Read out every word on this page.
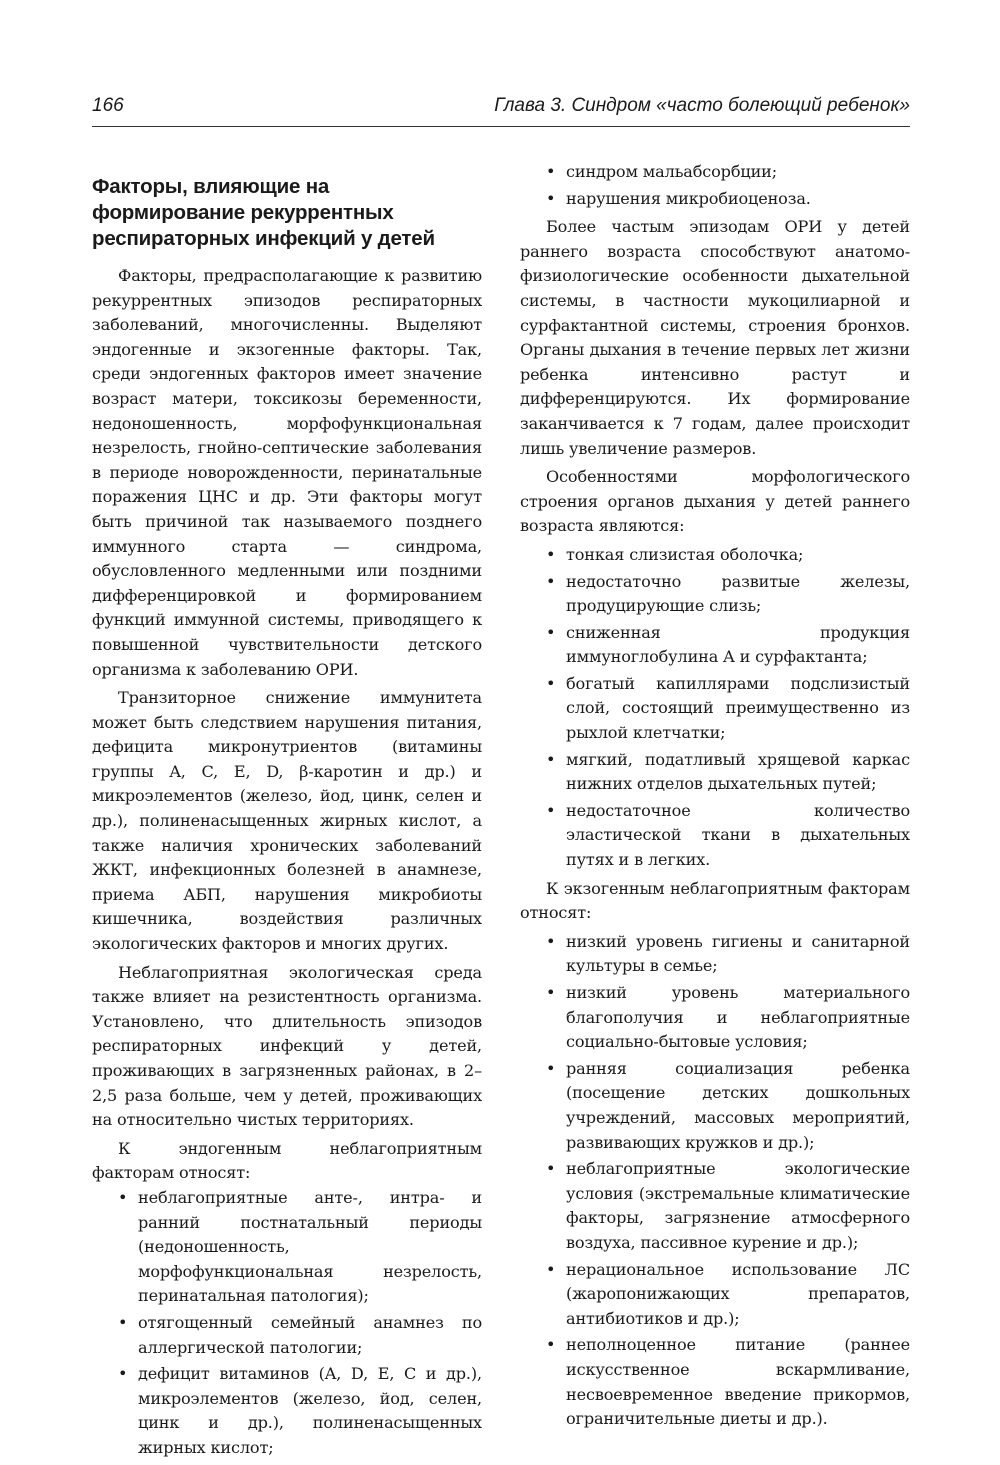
166	Глава 3. Синдром «часто болеющий ребенок»
Факторы, влияющие на формирование рекуррентных респираторных инфекций у детей

Факторы, предрасполагающие к развитию рекуррентных эпизодов респираторных заболеваний, многочисленны. Выделяют эндогенные и экзогенные факторы. Так, среди эндогенных факторов имеет значение возраст матери, токсикозы беременности, недоношенность, морфофункциональная незрелость, гнойно-септические заболевания в периоде новорожденности, перинатальные поражения ЦНС и др. Эти факторы могут быть причиной так называемого позднего иммунного старта — синдрома, обусловленного медленными или поздними дифференцировкой и формированием функций иммунной системы, приводящего к повышенной чувствительности детского организма к заболеванию ОРИ.

Транзиторное снижение иммунитета может быть следствием нарушения питания, дефицита микронутриентов (витамины группы A, C, E, D, β-каротин и др.) и микроэлементов (железо, йод, цинк, селен и др.), полиненасыщенных жирных кислот, а также наличия хронических заболеваний ЖКТ, инфекционных болезней в анамнезе, приема АБП, нарушения микробиоты кишечника, воздействия различных экологических факторов и многих других.

Неблагоприятная экологическая среда также влияет на резистентность организма. Установлено, что длительность эпизодов респираторных инфекций у детей, проживающих в загрязненных районах, в 2–2,5 раза больше, чем у детей, проживающих на относительно чистых территориях.

К эндогенным неблагоприятным факторам относят:

• неблагоприятные анте-, интра- и ранний постнатальный периоды (недоношенность, морфофункциональная незрелость, перинатальная патология);
• отягощенный семейный анамнез по аллергической патологии;
• дефицит витаминов (A, D, E, C и др.), микроэлементов (железо, йод, селен, цинк и др.), полиненасыщенных жирных кислот;
• синдром мальабсорбции;
• нарушения микробиоценоза.

Более частым эпизодам ОРИ у детей раннего возраста способствуют анатомо-физиологические особенности дыхательной системы, в частности мукоцилиарной и сурфактантной системы, строения бронхов. Органы дыхания в течение первых лет жизни ребенка интенсивно растут и дифференцируются. Их формирование заканчивается к 7 годам, далее происходит лишь увеличение размеров.

Особенностями морфологического строения органов дыхания у детей раннего возраста являются:

• тонкая слизистая оболочка;
• недостаточно развитые железы, продуцирующие слизь;
• сниженная продукция иммуноглобулина A и сурфактанта;
• богатый капиллярами подслизистый слой, состоящий преимущественно из рыхлой клетчатки;
• мягкий, податливый хрящевой каркас нижних отделов дыхательных путей;
• недостаточное количество эластической ткани в дыхательных путях и в легких.

К экзогенным неблагоприятным факторам относят:

• низкий уровень гигиены и санитарной культуры в семье;
• низкий уровень материального благополучия и неблагоприятные социально-бытовые условия;
• ранняя социализация ребенка (посещение детских дошкольных учреждений, массовых мероприятий, развивающих кружков и др.);
• неблагоприятные экологические условия (экстремальные климатические факторы, загрязнение атмосферного воздуха, пассивное курение и др.);
• нерациональное использование ЛС (жаропонижающих препаратов, антибиотиков и др.);
• неполноценное питание (раннее искусственное вскармливание, несвоевременное введение прикормов, ограничительные диеты и др.).
